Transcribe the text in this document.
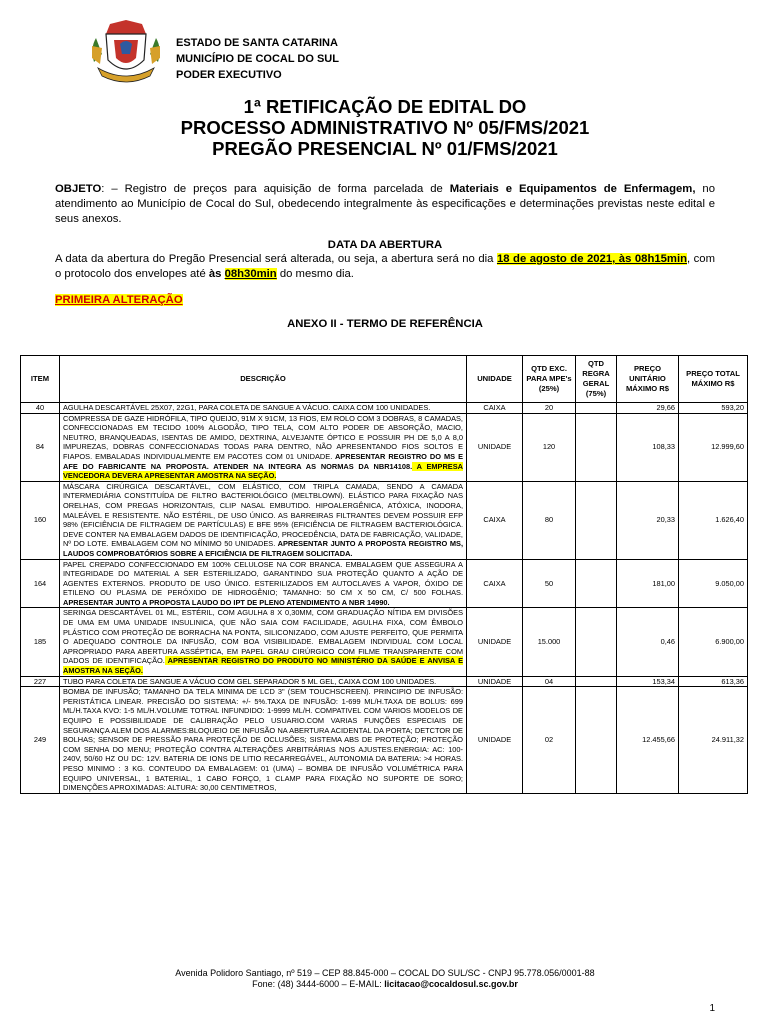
ESTADO DE SANTA CATARINA
MUNICÍPIO DE COCAL DO SUL
PODER EXECUTIVO
1ª RETIFICAÇÃO DE EDITAL DO
PROCESSO ADMINISTRATIVO Nº 05/FMS/2021
PREGÃO PRESENCIAL Nº 01/FMS/2021
OBJETO: – Registro de preços para aquisição de forma parcelada de Materiais e Equipamentos de Enfermagem, no atendimento ao Município de Cocal do Sul, obedecendo integralmente às especificações e determinações previstas neste edital e seus anexos.
DATA DA ABERTURA
A data da abertura do Pregão Presencial será alterada, ou seja, a abertura será no dia 18 de agosto de 2021, às 08h15min, com o protocolo dos envelopes até às 08h30min do mesmo dia.
PRIMEIRA ALTERAÇÃO
ANEXO II - TERMO DE REFERÊNCIA
ITEM	DESCRIÇÃO	UNIDADE	QTD EXC. PARA MPE's (25%)	QTD REGRA GERAL (75%)	PREÇO UNITÁRIO MÁXIMO R$	PREÇO TOTAL MÁXIMO R$
40	AGULHA DESCARTÁVEL 25X07, 22G1, PARA COLETA DE SANGUE A VÁCUO. CAIXA COM 100 UNIDADES.	CAIXA	20		29,66	593,20
84	COMPRESSA DE GAZE HIDRÓFILA, TIPO QUEIJO, 91M X 91CM, 13 FIOS, EM ROLO COM 3 DOBRAS, 8 CAMADAS, CONFECCIONADAS EM TECIDO 100% ALGODÃO, TIPO TELA, COM ALTO PODER DE ABSORÇÃO, MACIO, NEUTRO, BRANQUEADAS, ISENTAS DE AMIDO, DEXTRINA, ALVEJANTE ÓPTICO E POSSUIR PH DE 5,0 A 8,0 IMPUREZAS, DOBRAS CONFECCIONADAS TODAS PARA DENTRO, NÃO APRESENTANDO FIOS SOLTOS E FIAPOS. EMBALADAS INDIVIDUALMENTE EM PACOTES COM 01 UNIDADE. APRESENTAR REGISTRO DO MS E AFE DO FABRICANTE NA PROPOSTA. ATENDER NA INTEGRA AS NORMAS DA NBR14108. A EMPRESA VENCEDORA DEVERA APRESENTAR AMOSTRA NA SEÇÃO.	UNIDADE	120		108,33	12.999,60
160	MÁSCARA CIRÚRGICA DESCARTÁVEL, COM ELÁSTICO, COM TRIPLA CAMADA, SENDO A CAMADA INTERMEDIÁRIA CONSTITUÍDA DE FILTRO BACTERIOLÓGICO (MELTBLOWN). ELÁSTICO PARA FIXAÇÃO NAS ORELHAS, COM PREGAS HORIZONTAIS, CLIP NASAL EMBUTIDO. HIPOALERGÊNICA, ATÓXICA, INODORA, MALEÁVEL E RESISTENTE. NÃO ESTÉRIL, DE USO ÚNICO. AS BARREIRAS FILTRANTES DEVEM POSSUIR EFP 98% (EFICIÊNCIA DE FILTRAGEM DE PARTÍCULAS) E BFE 95% (EFICIÊNCIA DE FILTRAGEM BACTERIOLÓGICA. DEVE CONTER NA EMBALAGEM DADOS DE IDENTIFICAÇÃO, PROCEDÊNCIA, DATA DE FABRICAÇÃO, VALIDADE, Nº DO LOTE. EMBALAGEM COM NO MÍNIMO 50 UNIDADES. APRESENTAR JUNTO A PROPOSTA REGISTRO MS, LAUDOS COMPROBATÓRIOS SOBRE A EFICIÊNCIA DE FILTRAGEM SOLICITADA.	CAIXA	80		20,33	1.626,40
164	PAPEL CREPADO CONFECCIONADO EM 100% CELULOSE NA COR BRANCA. EMBALAGEM QUE ASSEGURA A INTEGRIDADE DO MATERIAL A SER ESTERILIZADO, GARANTINDO SUA PROTEÇÃO QUANTO A AÇÃO DE AGENTES EXTERNOS. PRODUTO DE USO ÚNICO. ESTERILIZADOS EM AUTOCLAVES A VAPOR, ÓXIDO DE ETILENO OU PLASMA DE PERÓXIDO DE HIDROGÊNIO; TAMANHO: 50 CM X 50 CM, C/ 500 FOLHAS. APRESENTAR JUNTO A PROPOSTA LAUDO DO IPT DE PLENO ATENDIMENTO A NBR 14990.	CAIXA	50		181,00	9.050,00
185	SERINGA DESCARTÁVEL 01 ML, ESTÉRIL, COM AGULHA 8 X 0,30MM, COM GRADUAÇÃO NÍTIDA EM DIVISÕES DE UMA EM UMA UNIDADE INSULINICA, QUE NÃO SAIA COM FACILIDADE, AGULHA FIXA, COM ÊMBOLO PLÁSTICO COM PROTEÇÃO DE BORRACHA NA PONTA, SILICONIZADO, COM AJUSTE PERFEITO, QUE PERMITA O ADEQUADO CONTROLE DA INFUSÃO, COM BOA VISIBILIDADE. EMBALAGEM INDIVIDUAL COM LOCAL APROPRIADO PARA ABERTURA ASSÉPTICA, EM PAPEL GRAU CIRÚRGICO COM FILME TRANSPARENTE COM DADOS DE IDENTIFICAÇÃO. APRESENTAR REGISTRO DO PRODUTO NO MINISTÉRIO DA SAÚDE E ANVISA E AMOSTRA NA SEÇÃO.	UNIDADE	15.000		0,46	6.900,00
227	TUBO PARA COLETA DE SANGUE A VÁCUO COM GEL SEPARADOR 5 ML GEL, CAIXA COM 100 UNIDADES.	UNIDADE	04		153,34	613,36
249	BOMBA DE INFUSÃO; TAMANHO DA TELA MINIMA DE LCD 3" (SEM TOUCHSCREEN). PRINCIPIO DE INFUSÃO: PERISTÁTICA LINEAR. PRECISÃO DO SISTEMA: +/- 5%.TAXA DE INFUSÃO: 1-699 ML/H.TAXA DE BOLUS: 699 ML/H.TAXA KVO: 1-5 ML/H.VOLUME TOTRAL INFUNDIDO: 1-9999 ML/H. COMPATIVEL COM VARIOS MODELOS DE EQUIPO E POSSIBILIDADE DE CALIBRAÇÃO PELO USUARIO.COM VARIAS FUNÇÕES ESPECIAIS DE SEGURANÇA ALEM DOS ALARMES:BLOQUEIO DE INFUSÃO NA ABERTURA ACIDENTAL DA PORTA; DETCTOR DE BOLHAS; SENSOR DE PRESSÃO PARA PROTEÇÃO DE OCLUSÕES; SISTEMA ABS DE PROTEÇÃO; PROTEÇÃO COM SENHA DO MENU; PROTEÇÃO CONTRA ALTERAÇÕES ARBITRÁRIAS NOS AJUSTES.ENERGIA: AC: 100-240V, 50/60 HZ OU DC: 12V. BATERIA DE IONS DE LITIO RECARREGÁVEL, AUTONOMIA DA BATERIA: >4 HORAS. PESO MINIMO : 3 KG. CONTEUDO DA EMBALAGEM: 01 (UMA) – BOMBA DE INFUSÃO VOLUMÉTRICA PARA EQUIPO UNIVERSAL, 1 BATERIAL, 1 CABO FORÇO, 1 CLAMP PARA FIXAÇÃO NO SUPORTE DE SORO; DIMENÇÕES APROXIMADAS: ALTURA: 30,00 CENTIMETROS,	UNIDADE	02		12.455,66	24.911,32
Avenida Polidoro Santiago, nº 519 – CEP 88.845-000 – COCAL DO SUL/SC - CNPJ 95.778.056/0001-88
Fone: (48) 3444-6000 – E-MAIL: licitacao@cocaldosul.sc.gov.br
1
